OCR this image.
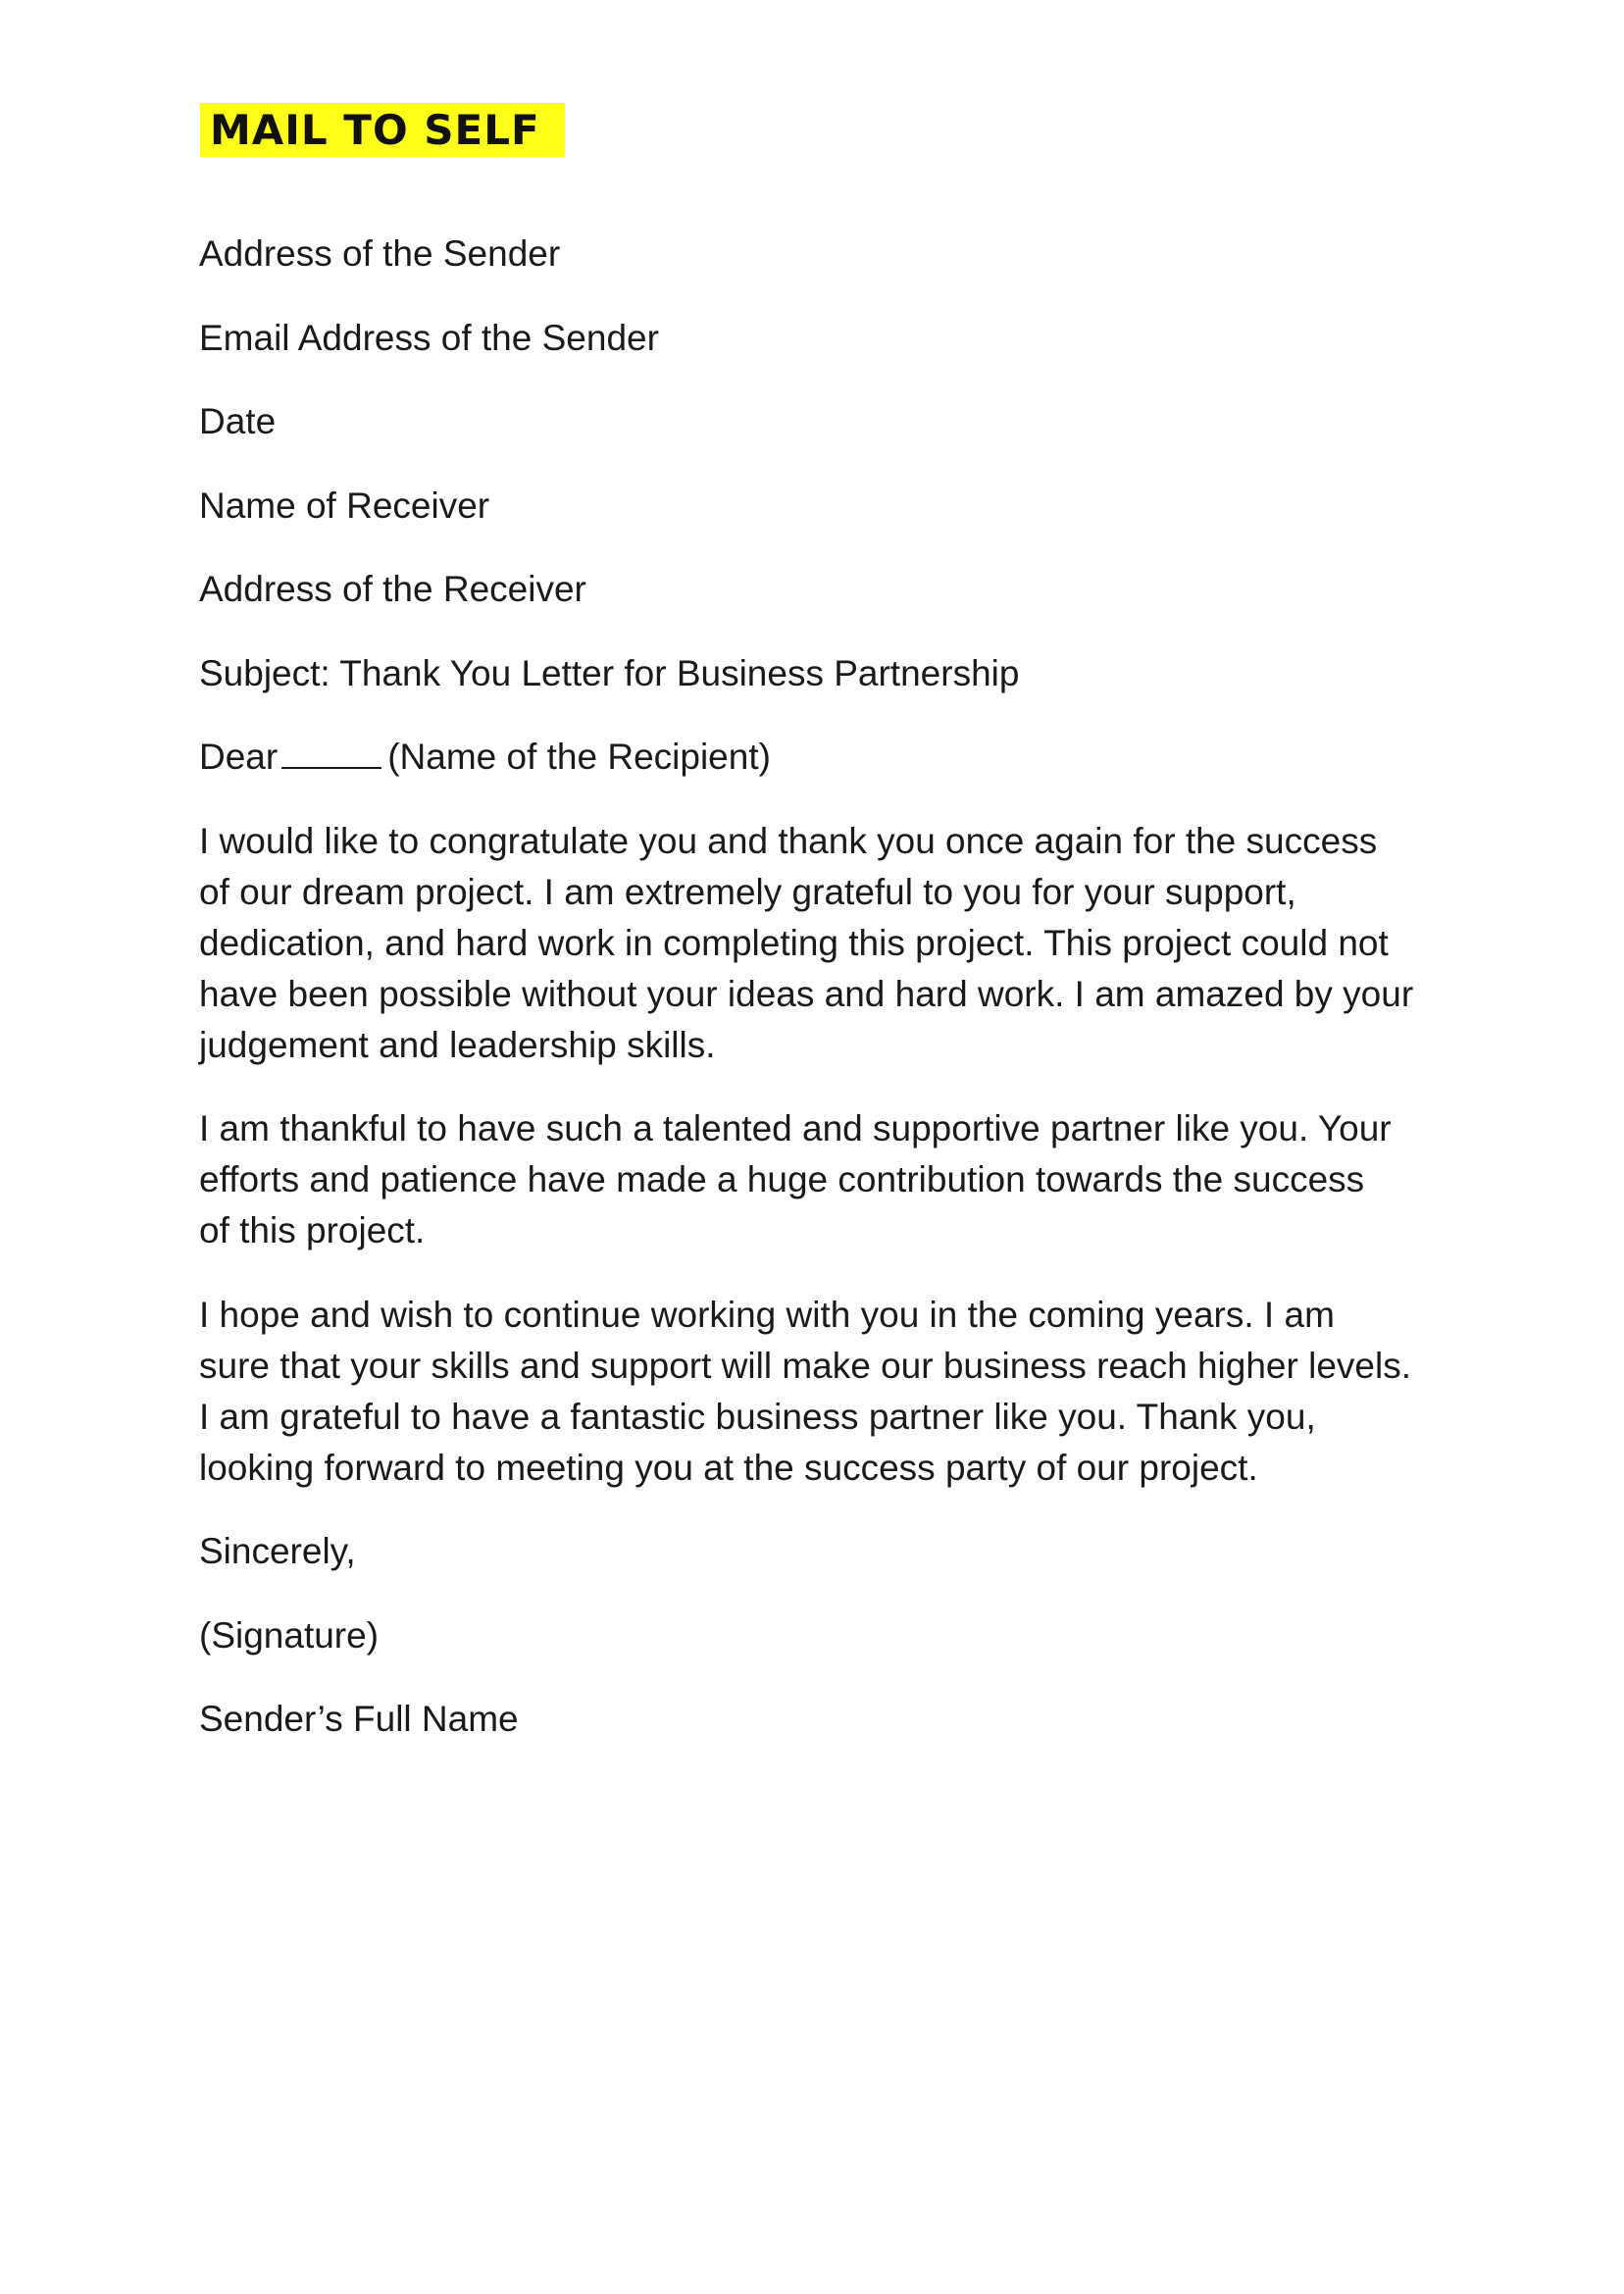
MAIL TO SELF
Address of the Sender
Email Address of the Sender
Date
Name of Receiver
Address of the Receiver
Subject: Thank You Letter for Business Partnership
Dear	(Name of the Recipient)
I would like to congratulate you and thank you once again for the success
of our dream project. I am extremely grateful to you for your support,
dedication, and hard work in completing this project. This project could not
have been possible without your ideas and hard work. I am amazed by your
judgement and leadership skills.
I am thankful to have such a talented and supportive partner like you. Your
efforts and patience have made a huge contribution towards the success
of this project.
I hope and wish to continue working with you in the coming years. I am
sure that your skills and support will make our business reach higher levels.
I am grateful to have a fantastic business partner like you. Thank you,
looking forward to meeting you at the success party of our project.
Sincerely,
(Signature)
Sender’s Full Name
